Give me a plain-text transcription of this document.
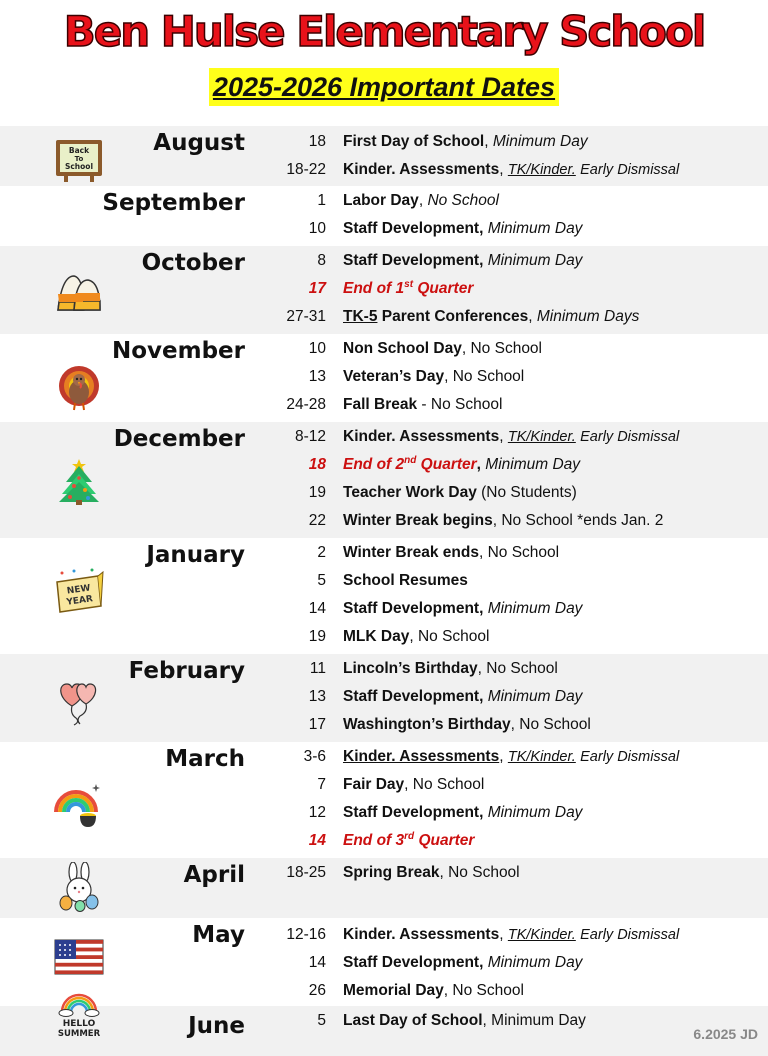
Ben Hulse Elementary School
2025-2026 Important Dates
August
Back
To
School
18 First Day of School, Minimum Day
18-22 Kinder. Assessments, TK/Kinder. Early Dismissal
September	1 Labor Day, No School
10 Staff Development, Minimum Day
October	8 Staff Development, Minimum Day
17 End of 1st Quarter
27-31 TK-5 Parent Conferences, Minimum Days
November	10 Non School Day, No School
13 Veteran’s Day, No School
24-28 Fall Break - No School
December	8-12 Kinder. Assessments, TK/Kinder. Early Dismissal
18 End of 2nd Quarter, Minimum Day
19 Teacher Work Day (No Students)
22 Winter Break begins, No School *ends Jan. 2
January
NEW
YEAR
2 Winter Break ends, No School
5 School Resumes
14 Staff Development, Minimum Day
19 MLK Day, No School
February	11 Lincoln’s Birthday, No School
13 Staff Development, Minimum Day
17 Washington’s Birthday, No School
March	3-6 Kinder. Assessments, TK/Kinder. Early Dismissal
7 Fair Day, No School
12 Staff Development, Minimum Day
14 End of 3rd Quarter
April	18-25 Spring Break, No School
May	12-16 Kinder. Assessments, TK/Kinder. Early Dismissal
14 Staff Development, Minimum Day
26 Memorial Day, No School
June
HELLO
SUMMER
5 Last Day of School, Minimum Day
6.2025 JD
